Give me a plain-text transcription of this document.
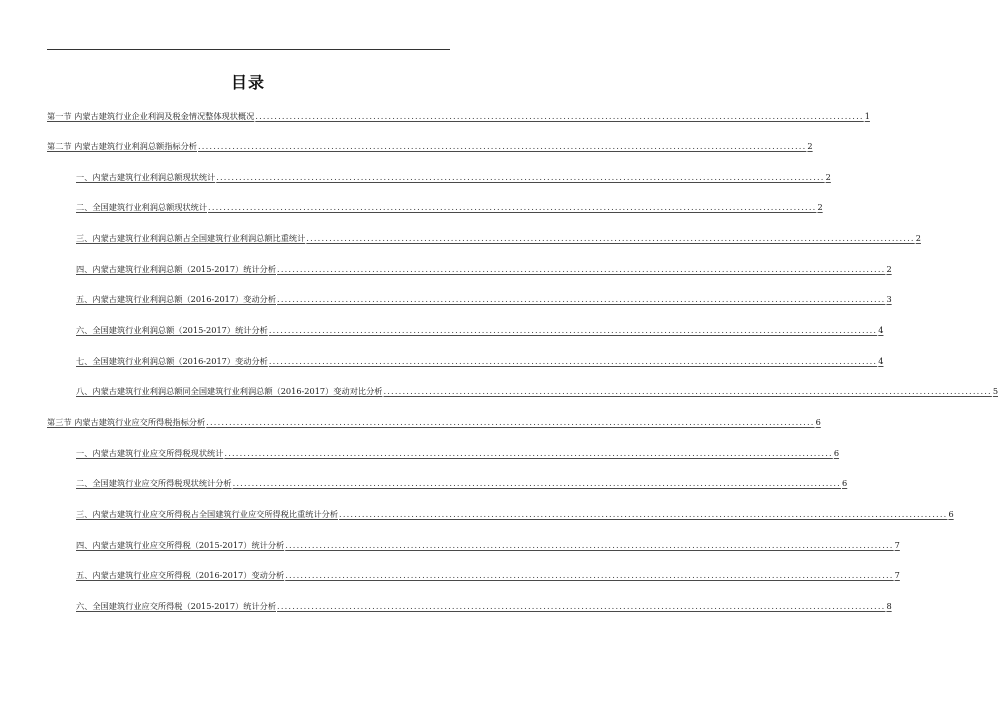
目录
第一节 内蒙古建筑行业企业利润及税金情况整体现状概况 ................................................................................................................................................................ 1
第二节 内蒙古建筑行业利润总额指标分析 ................................................................................................................................................................ 2
一、内蒙古建筑行业利润总额现状统计 ................................................................................................................................................................ 2
二、全国建筑行业利润总额现状统计 ................................................................................................................................................................ 2
三、内蒙古建筑行业利润总额占全国建筑行业利润总额比重统计 ................................................................................................................................................................ 2
四、内蒙古建筑行业利润总额（2015-2017）统计分析 ................................................................................................................................................................ 2
五、内蒙古建筑行业利润总额（2016-2017）变动分析 ................................................................................................................................................................ 3
六、全国建筑行业利润总额（2015-2017）统计分析 ................................................................................................................................................................ 4
七、全国建筑行业利润总额（2016-2017）变动分析 ................................................................................................................................................................ 4
八、内蒙古建筑行业利润总额同全国建筑行业利润总额（2016-2017）变动对比分析 ................................................................................................................................................................ 5
第三节 内蒙古建筑行业应交所得税指标分析 ................................................................................................................................................................ 6
一、内蒙古建筑行业应交所得税现状统计 ................................................................................................................................................................ 6
二、全国建筑行业应交所得税现状统计分析 ................................................................................................................................................................ 6
三、内蒙古建筑行业应交所得税占全国建筑行业应交所得税比重统计分析 ................................................................................................................................................................ 6
四、内蒙古建筑行业应交所得税（2015-2017）统计分析 ................................................................................................................................................................ 7
五、内蒙古建筑行业应交所得税（2016-2017）变动分析 ................................................................................................................................................................ 7
六、全国建筑行业应交所得税（2015-2017）统计分析 ................................................................................................................................................................ 8
